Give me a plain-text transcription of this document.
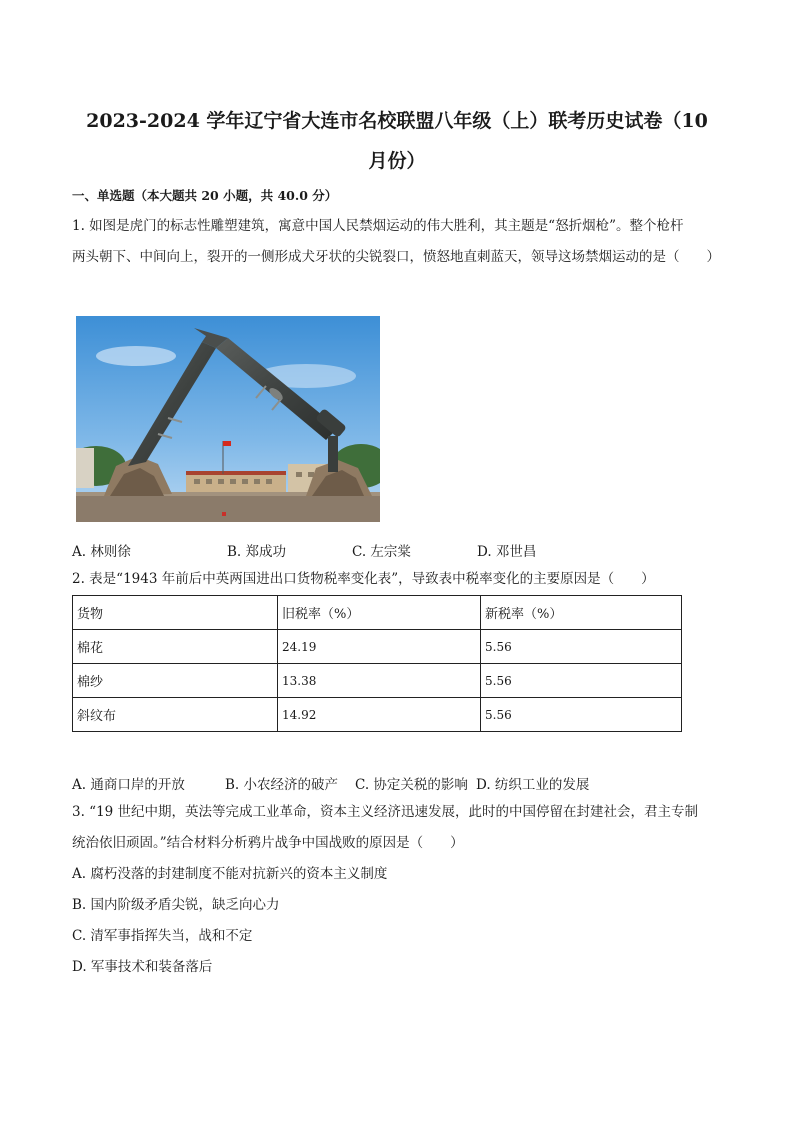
2023-2024 学年辽宁省大连市名校联盟八年级（上）联考历史试卷（10
月份）
一、单选题（本大题共 20 小题，共 40.0 分）
1. 如图是虎门的标志性雕塑建筑，寓意中国人民禁烟运动的伟大胜利，其主题是“怒折烟枪”。整个枪杆
两头朝下、中间向上，裂开的一侧形成犬牙状的尖锐裂口，愤怒地直刺蓝天，领导这场禁烟运动的是（　　）
A. 林则徐	B. 郑成功	C. 左宗棠	D. 邓世昌
2. 表是“1943 年前后中英两国进出口货物税率变化表”，导致表中税率变化的主要原因是（　　）
货物	旧税率（%）	新税率（%）
棉花	24.19	5.56
棉纱	13.38	5.56
斜纹布	14.92	5.56
A. 通商口岸的开放	B. 小农经济的破产 C. 协定关税的影响 D. 纺织工业的发展
3. “19 世纪中期，英法等完成工业革命，资本主义经济迅速发展，此时的中国停留在封建社会，君主专制
统治依旧顽固。”结合材料分析鸦片战争中国战败的原因是（　　）
A. 腐朽没落的封建制度不能对抗新兴的资本主义制度
B. 国内阶级矛盾尖锐，缺乏向心力
C. 清军事指挥失当，战和不定
D. 军事技术和装备落后
